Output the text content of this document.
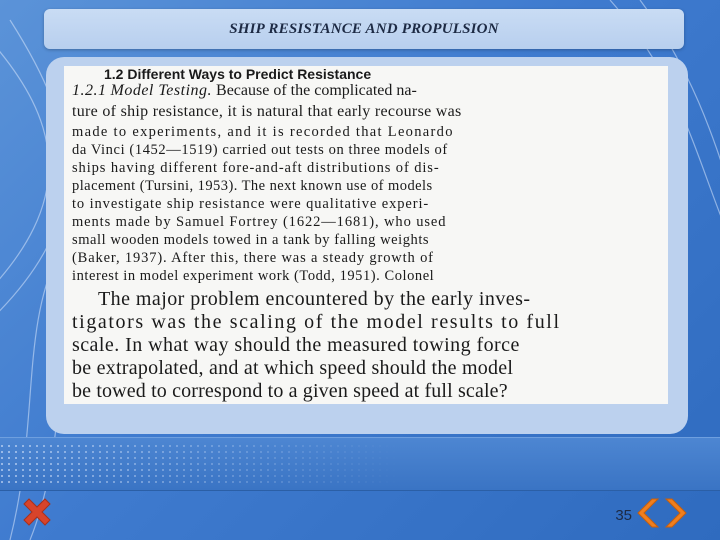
SHIP RESISTANCE AND PROPULSION
1.2 Different Ways to Predict Resistance
1.2.1 Model Testing. Because of the complicated na-
ture of ship resistance, it is natural that early recourse was
made to experiments, and it is recorded that Leonardo
da Vinci (1452—1519) carried out tests on three models of
ships having different fore-and-aft distributions of dis-
placement (Tursini, 1953). The next known use of models
to investigate ship resistance were qualitative experi-
ments made by Samuel Fortrey (1622—1681), who used
small wooden models towed in a tank by falling weights
(Baker, 1937). After this, there was a steady growth of
interest in model experiment work (Todd, 1951). Colonel
The major problem encountered by the early inves-
tigators was the scaling of the model results to full
scale. In what way should the measured towing force
be extrapolated, and at which speed should the model
be towed to correspond to a given speed at full scale?
35
